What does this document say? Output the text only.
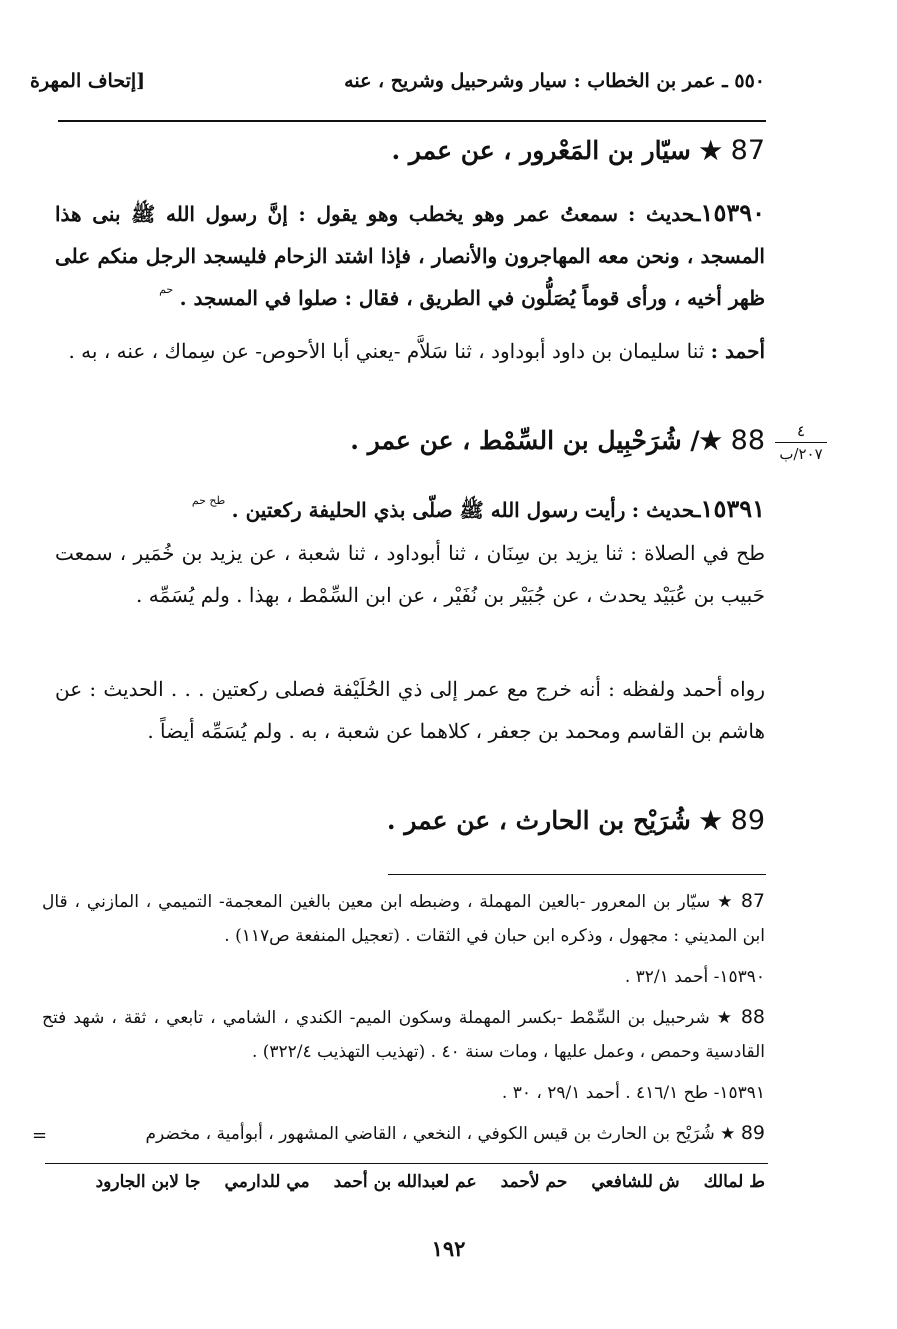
٥٥٠ ـ عمر بن الخطاب : سيار وشرحبيل وشريح ، عنه
[إتحاف المهرة
87 ★ سيّار بن المَعْرور ، عن عمر .
١٥٣٩٠ـحديث : سمعتُ عمر وهو يخطب وهو يقول : إنَّ رسول الله ﷺ بنى هذا المسجد ، ونحن معه المهاجرون والأنصار ، فإذا اشتد الزحام فليسجد الرجل منكم على ظهر أخيه ، ورأى قوماً يُصَلُّون في الطريق ، فقال : صلوا في المسجد . $^{حم}$
أحمد : ثنا سليمان بن داود أبوداود ، ثنا سَلاَّم -يعني أبا الأحوص- عن سِماك ، عنه ، به .
٤
٢٠٧/ب
88 ★/ شُرَحْبِيل بن السِّمْط ، عن عمر .
١٥٣٩١ـحديث : رأيت رسول الله ﷺ صلّى بذي الحليفة ركعتين . $^{طح حم}$
طح في الصلاة : ثنا يزيد بن سِنَان ، ثنا أبوداود ، ثنا شعبة ، عن يزيد بن خُمَير ، سمعت حَبيب بن عُبَيْد يحدث ، عن جُبَيْر بن نُفَيْر ، عن ابن السِّمْط ، بهذا . ولم يُسَمِّه .
رواه أحمد ولفظه : أنه خرج مع عمر إلى ذي الحُلَيْفة فصلى ركعتين . . . الحديث : عن هاشم بن القاسم ومحمد بن جعفر ، كلاهما عن شعبة ، به . ولم يُسَمِّه أيضاً .
89 ★ شُرَيْح بن الحارث ، عن عمر .
87 ★ سيّار بن المعرور -بالعين المهملة ، وضبطه ابن معين بالغين المعجمة- التميمي ، المازني ، قال ابن المديني : مجهول ، وذكره ابن حبان في الثقات . (تعجيل المنفعة ص١١٧) .
١٥٣٩٠- أحمد ٣٢/١ .
88 ★ شرحبيل بن السِّمْط -بكسر المهملة وسكون الميم- الكندي ، الشامي ، تابعي ، ثقة ، شهد فتح القادسية وحمص ، وعمل عليها ، ومات سنة ٤٠ . (تهذيب التهذيب ٣٢٢/٤) .
١٥٣٩١- طح ٤١٦/١ . أحمد ٢٩/١ ، ٣٠ .
89 ★ شُرَيْح بن الحارث بن قيس الكوفي ، النخعي ، القاضي المشهور ، أبوأمية ، مخضرم
=
ط لمالك
ش للشافعي
حم لأحمد
عم لعبدالله بن أحمد
مي للدارمي
جا لابن الجارود
١٩٢
